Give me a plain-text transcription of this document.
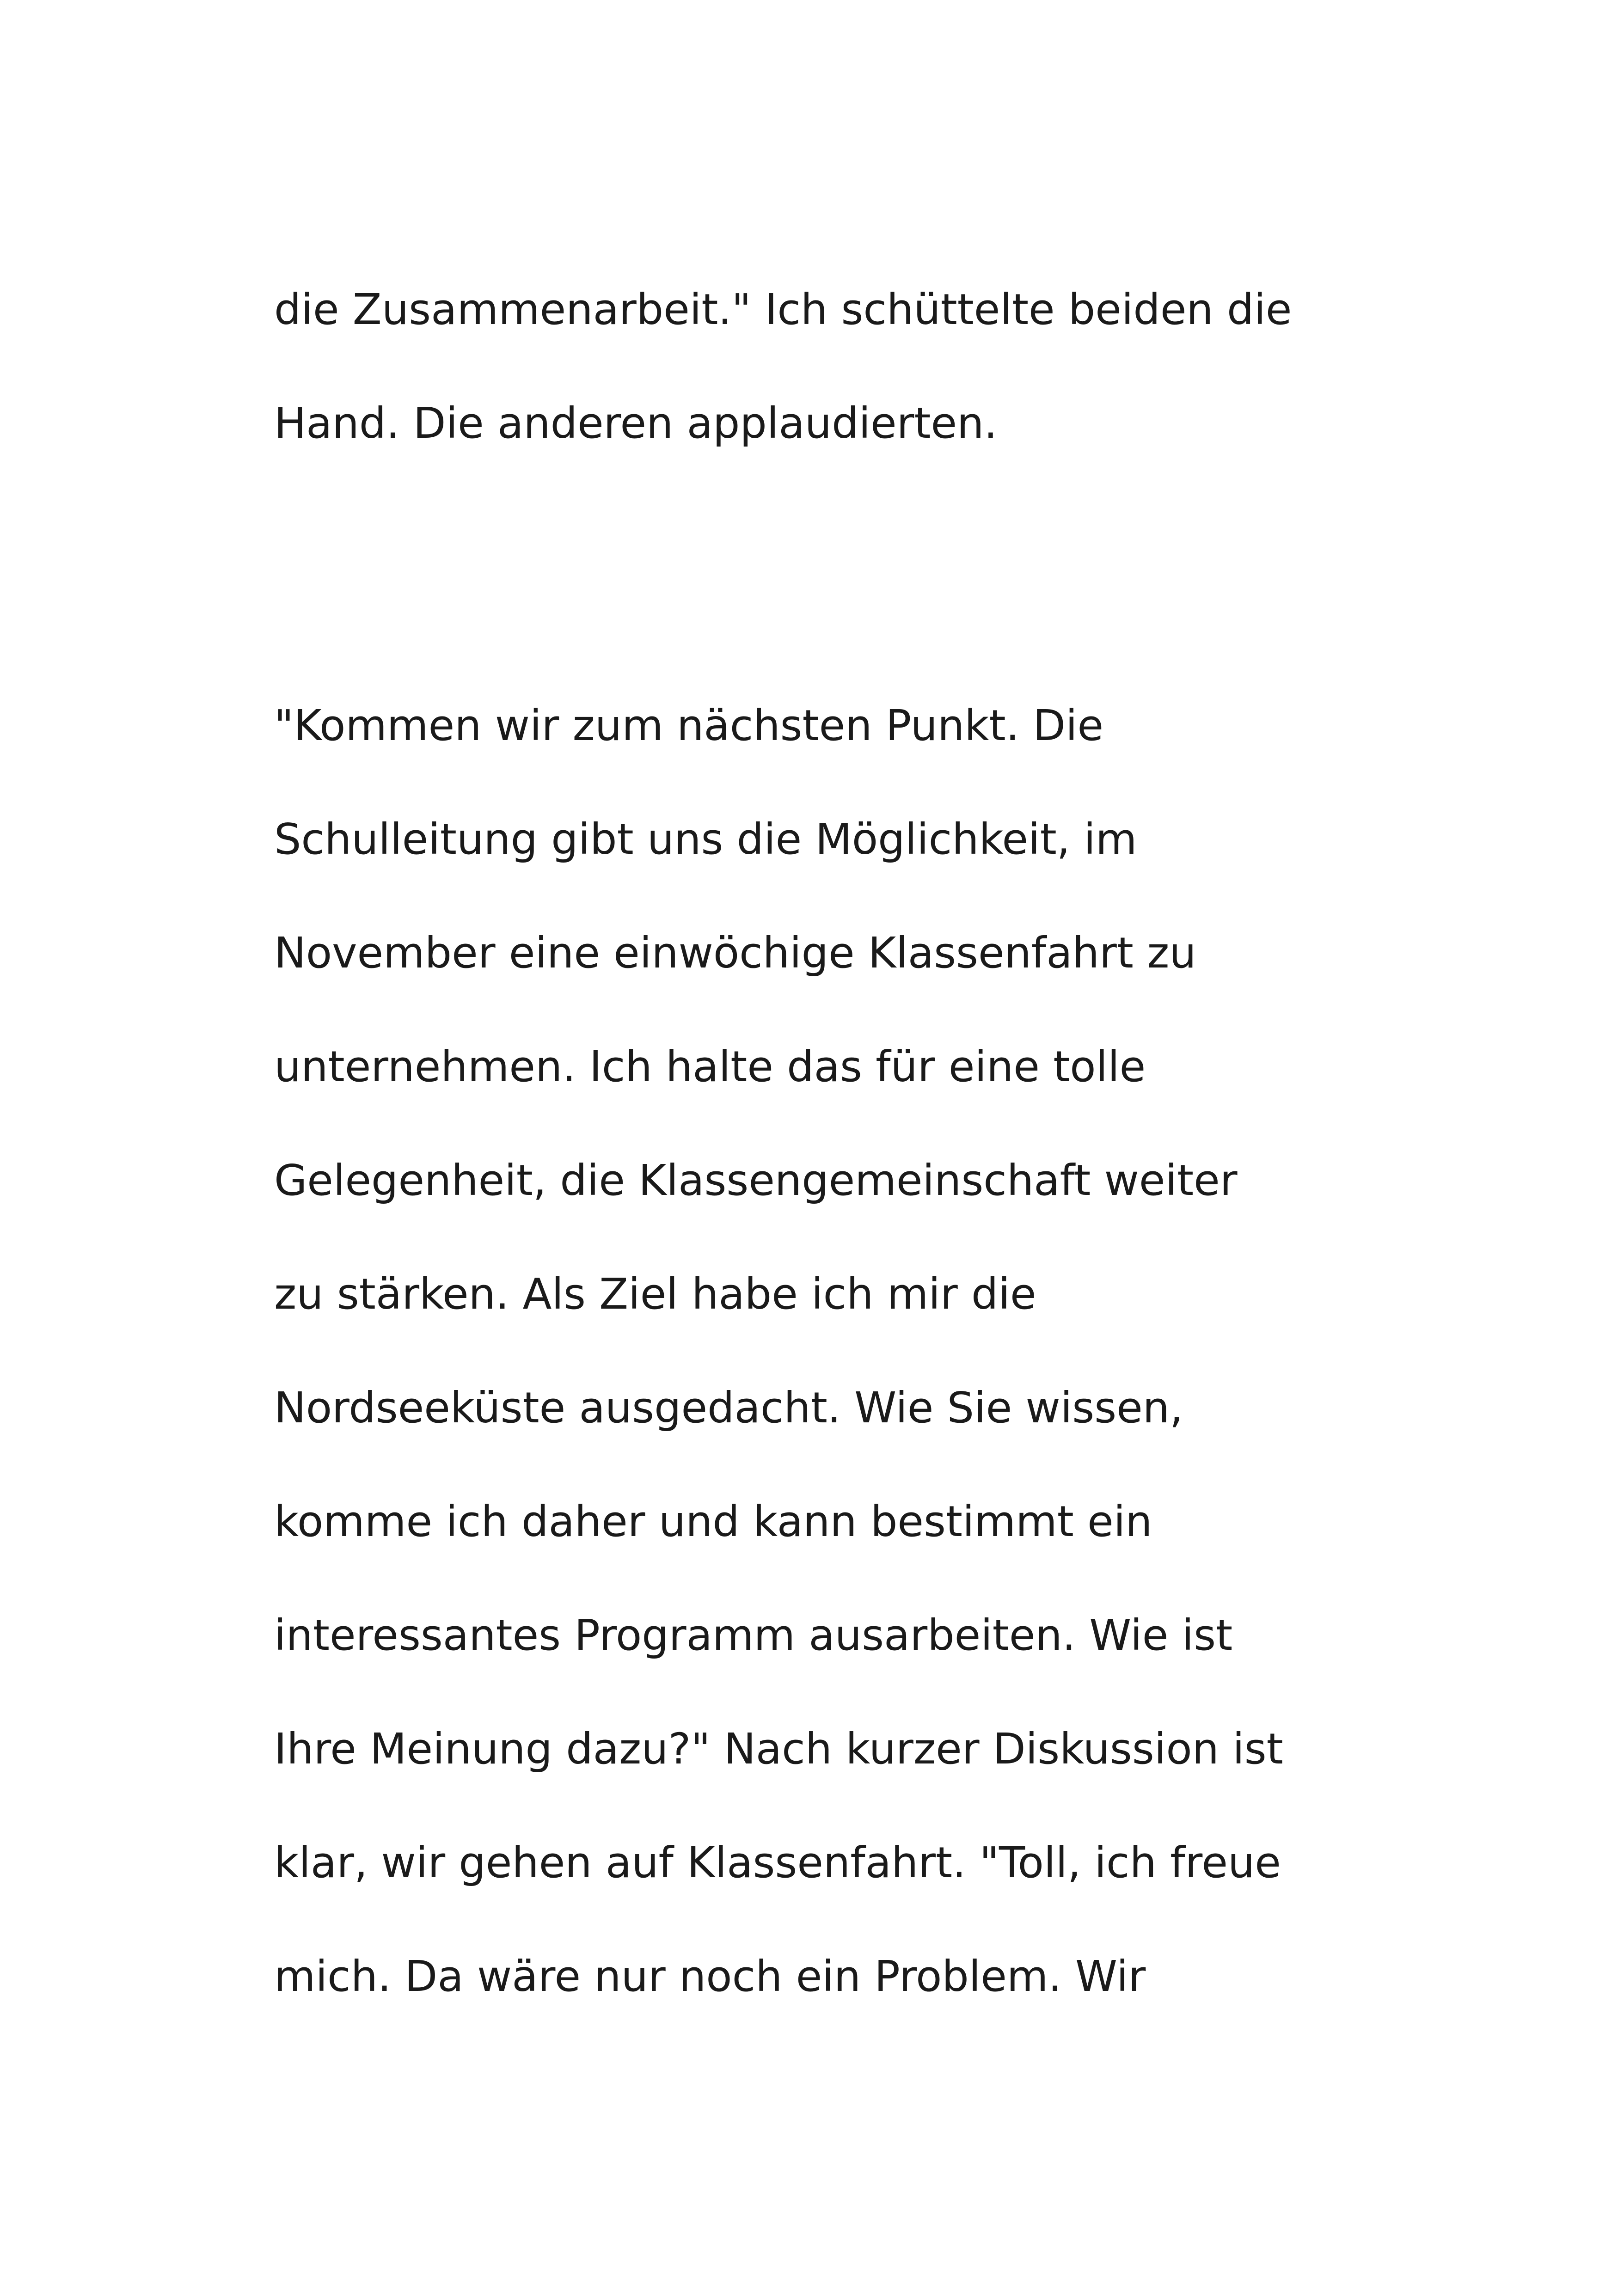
die Zusammenarbeit." Ich schüttelte beiden die
Hand. Die anderen applaudierten.

"Kommen wir zum nächsten Punkt. Die
Schulleitung gibt uns die Möglichkeit, im
November eine einwöchige Klassenfahrt zu
unternehmen. Ich halte das für eine tolle
Gelegenheit, die Klassengemeinschaft weiter
zu stärken. Als Ziel habe ich mir die
Nordseeküste ausgedacht. Wie Sie wissen,
komme ich daher und kann bestimmt ein
interessantes Programm ausarbeiten. Wie ist
Ihre Meinung dazu?" Nach kurzer Diskussion ist
klar, wir gehen auf Klassenfahrt. "Toll, ich freue
mich. Da wäre nur noch ein Problem. Wir
